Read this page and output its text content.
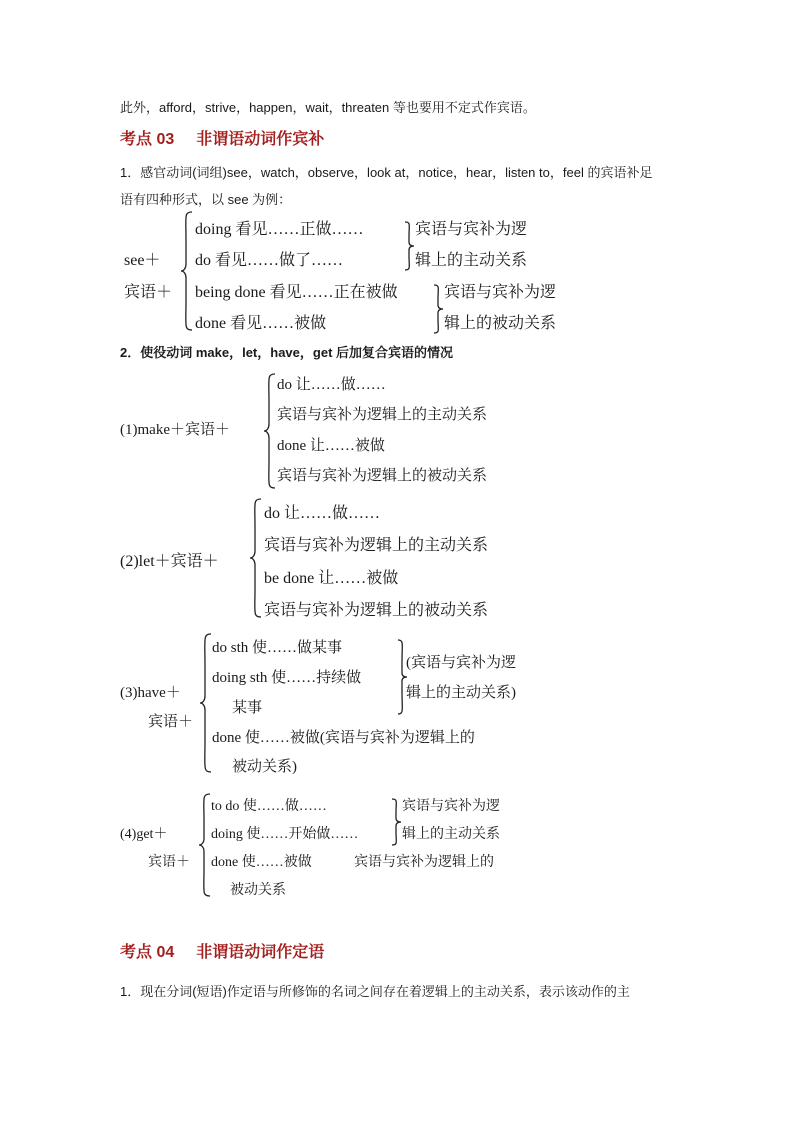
此外，afford，strive，happen，wait，threaten 等也要用不定式作宾语。
考点 03 非谓语动词作宾补
1．感官动词(词组)see，watch，observe，look at，notice，hear，listen to，feel 的宾语补足
语有四种形式，以 see 为例：
see＋
宾语＋
doing 看见……正做……
do 看见……做了……
being done 看见……正在被做
done 看见……被做
宾语与宾补为逻
辑上的主动关系
宾语与宾补为逻
辑上的被动关系
2．使役动词 make，let，have，get 后加复合宾语的情况
(1)make＋宾语＋
do 让……做……
宾语与宾补为逻辑上的主动关系
done 让……被做
宾语与宾补为逻辑上的被动关系
(2)let＋宾语＋
do 让……做……
宾语与宾补为逻辑上的主动关系
be done 让……被做
宾语与宾补为逻辑上的被动关系
(3)have＋
宾语＋
do sth 使……做某事
doing sth 使……持续做
某事
done 使……被做(宾语与宾补为逻辑上的
被动关系)
(宾语与宾补为逻
辑上的主动关系)
(4)get＋
宾语＋
to do 使……做……
doing 使……开始做……
done 使……被做
被动关系
宾语与宾补为逻
辑上的主动关系
宾语与宾补为逻辑上的
考点 04 非谓语动词作定语
1．现在分词(短语)作定语与所修饰的名词之间存在着逻辑上的主动关系，表示该动作的主
